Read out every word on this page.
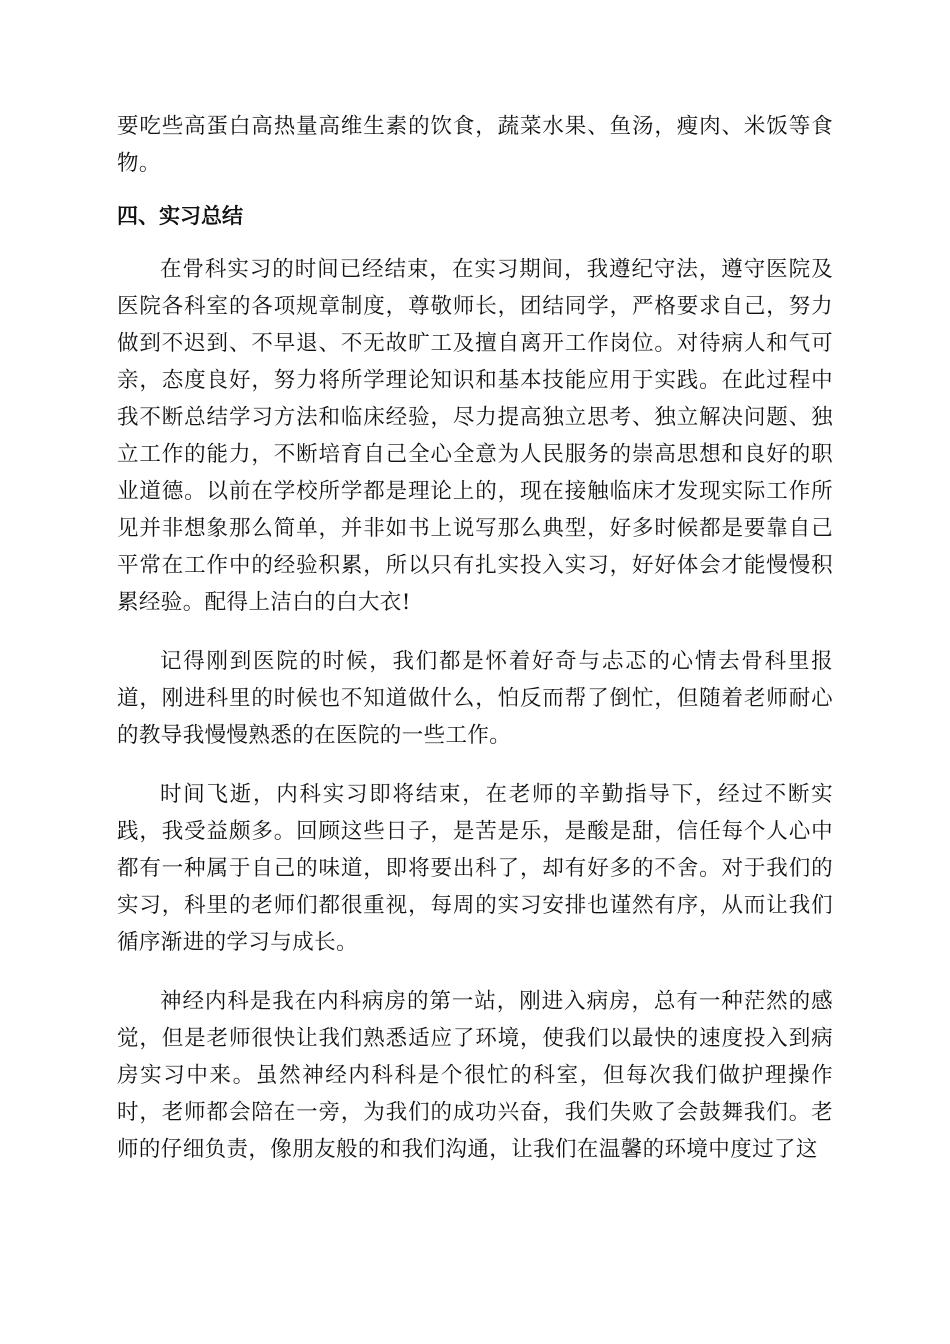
要吃些高蛋白高热量高维生素的饮食，蔬菜水果、鱼汤，瘦肉、米饭等食物。

四、实习总结

在骨科实习的时间已经结束，在实习期间，我遵纪守法，遵守医院及医院各科室的各项规章制度，尊敬师长，团结同学，严格要求自己，努力做到不迟到、不早退、不无故旷工及擅自离开工作岗位。对待病人和气可亲，态度良好，努力将所学理论知识和基本技能应用于实践。在此过程中我不断总结学习方法和临床经验，尽力提高独立思考、独立解决问题、独立工作的能力，不断培育自己全心全意为人民服务的崇高思想和良好的职业道德。以前在学校所学都是理论上的，现在接触临床才发现实际工作所见并非想象那么简单，并非如书上说写那么典型，好多时候都是要靠自己平常在工作中的经验积累，所以只有扎实投入实习，好好体会才能慢慢积累经验。配得上洁白的白大衣!

记得刚到医院的时候，我们都是怀着好奇与忐忑的心情去骨科里报道，刚进科里的时候也不知道做什么，怕反而帮了倒忙，但随着老师耐心的教导我慢慢熟悉的在医院的一些工作。

时间飞逝，内科实习即将结束，在老师的辛勤指导下，经过不断实践，我受益颇多。回顾这些日子，是苦是乐，是酸是甜，信任每个人心中都有一种属于自己的味道，即将要出科了，却有好多的不舍。对于我们的实习，科里的老师们都很重视，每周的实习安排也谨然有序，从而让我们循序渐进的学习与成长。

神经内科是我在内科病房的第一站，刚进入病房，总有一种茫然的感觉，但是老师很快让我们熟悉适应了环境，使我们以最快的速度投入到病房实习中来。虽然神经内科科是个很忙的科室，但每次我们做护理操作时，老师都会陪在一旁，为我们的成功兴奋，我们失败了会鼓舞我们。老师的仔细负责，像朋友般的和我们沟通，让我们在温馨的环境中度过了这
